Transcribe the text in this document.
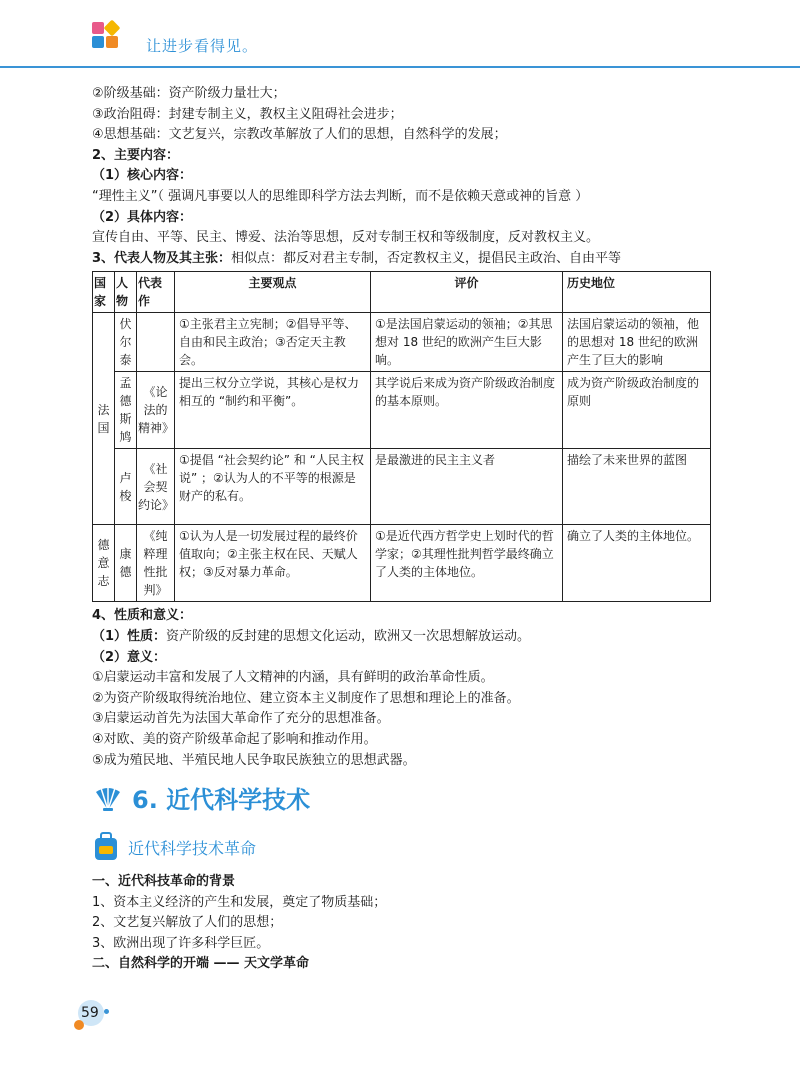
让进步看得见。
②阶级基础：资产阶级力量壮大；
③政治阻碍：封建专制主义，教权主义阻碍社会进步；
④思想基础：文艺复兴，宗教改革解放了人们的思想，自然科学的发展；
2、主要内容：
（1）核心内容：
“理性主义”（ 强调凡事要以人的思维即科学方法去判断，而不是依赖天意或神的旨意 ）
（2）具体内容：
宣传自由、平等、民主、博爱、法治等思想，反对专制王权和等级制度，反对教权主义。
3、代表人物及其主张：相似点：都反对君主专制，否定教权主义，提倡民主政治、自由平等
国家	人物	代表作	主要观点	评价	历史地位
法国	伏尔泰		①主张君主立宪制；②倡导平等、自由和民主政治；③否定天主教会。	①是法国启蒙运动的领袖；②其思想对 18 世纪的欧洲产生巨大影响。	法国启蒙运动的领袖，他的思想对 18 世纪的欧洲产生了巨大的影响
	孟德斯鸠	《论法的精神》	提出三权分立学说，其核心是权力相互的 “制约和平衡”。	其学说后来成为资产阶级政治制度的基本原则。	成为资产阶级政治制度的原则
	卢梭	《社会契约论》	①提倡 “社会契约论” 和 “人民主权说” ；②认为人的不平等的根源是财产的私有。	是最激进的民主主义者	描绘了未来世界的蓝图
德意志	康德	《纯粹理性批判》	①认为人是一切发展过程的最终价值取向；②主张主权在民、天赋人权；③反对暴力革命。	①是近代西方哲学史上划时代的哲学家；②其理性批判哲学最终确立了人类的主体地位。	确立了人类的主体地位。
4、性质和意义：
（1）性质：资产阶级的反封建的思想文化运动，欧洲又一次思想解放运动。
（2）意义：
①启蒙运动丰富和发展了人文精神的内涵，具有鲜明的政治革命性质。
②为资产阶级取得统治地位、建立资本主义制度作了思想和理论上的准备。
③启蒙运动首先为法国大革命作了充分的思想准备。
④对欧、美的资产阶级革命起了影响和推动作用。
⑤成为殖民地、半殖民地人民争取民族独立的思想武器。
6. 近代科学技术
近代科学技术革命
一、近代科技革命的背景
1、资本主义经济的产生和发展，奠定了物质基础；
2、文艺复兴解放了人们的思想；
3、欧洲出现了许多科学巨匠。
二、自然科学的开端 —— 天文学革命
59
